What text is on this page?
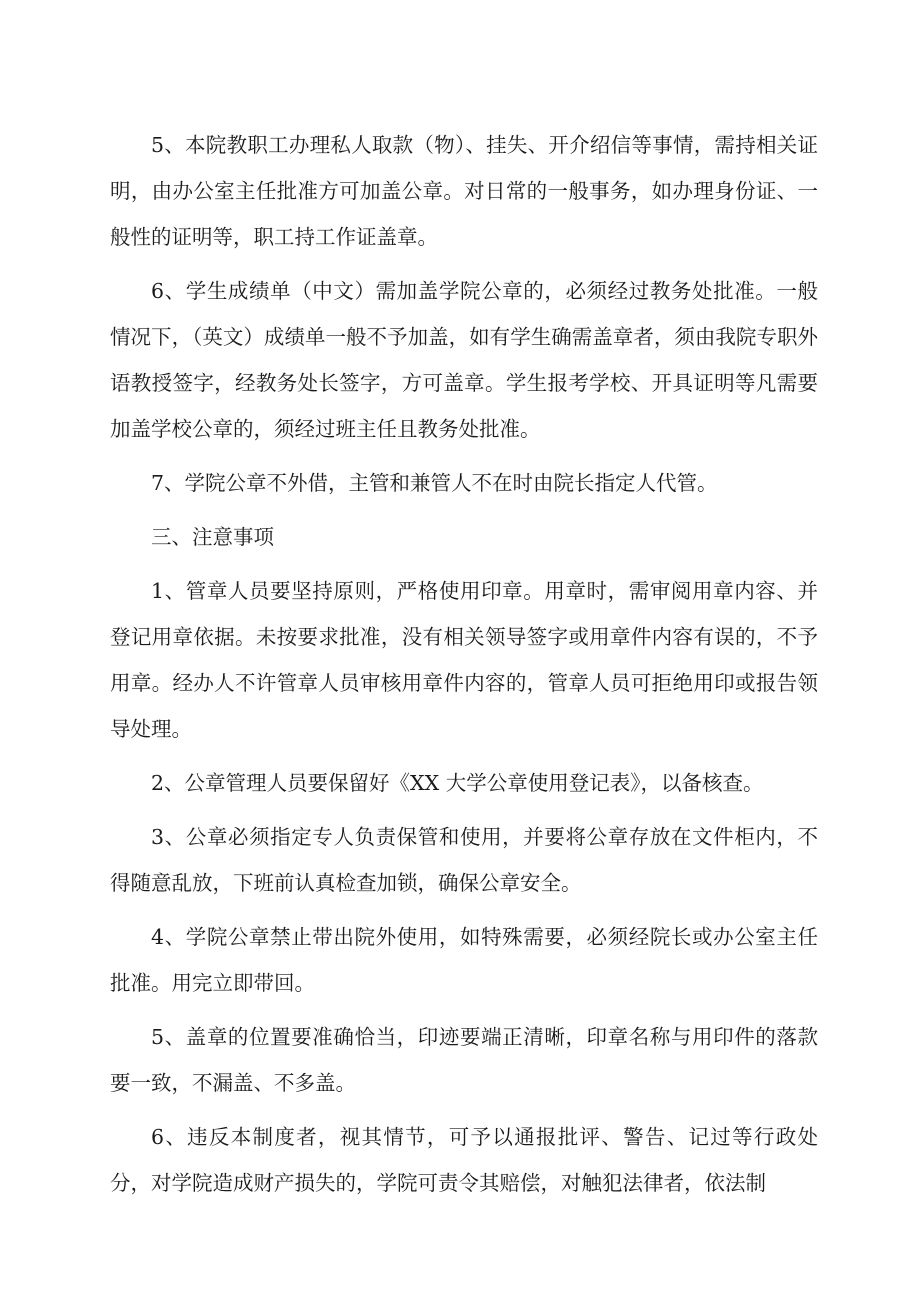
5、本院教职工办理私人取款（物）、挂失、开介绍信等事情，需持相关证明，由办公室主任批准方可加盖公章。对日常的一般事务，如办理身份证、一般性的证明等，职工持工作证盖章。

6、学生成绩单（中文）需加盖学院公章的，必须经过教务处批准。一般情况下，（英文）成绩单一般不予加盖，如有学生确需盖章者，须由我院专职外语教授签字，经教务处长签字，方可盖章。学生报考学校、开具证明等凡需要加盖学校公章的，须经过班主任且教务处批准。

7、学院公章不外借，主管和兼管人不在时由院长指定人代管。

三、注意事项

1、管章人员要坚持原则，严格使用印章。用章时，需审阅用章内容、并登记用章依据。未按要求批准，没有相关领导签字或用章件内容有误的，不予用章。经办人不许管章人员审核用章件内容的，管章人员可拒绝用印或报告领导处理。

2、公章管理人员要保留好《XX 大学公章使用登记表》，以备核查。

3、公章必须指定专人负责保管和使用，并要将公章存放在文件柜内，不得随意乱放，下班前认真检查加锁，确保公章安全。

4、学院公章禁止带出院外使用，如特殊需要，必须经院长或办公室主任批准。用完立即带回。

5、盖章的位置要准确恰当，印迹要端正清晰，印章名称与用印件的落款要一致，不漏盖、不多盖。

6、违反本制度者，视其情节，可予以通报批评、警告、记过等行政处分，对学院造成财产损失的，学院可责令其赔偿，对触犯法律者，依法制
